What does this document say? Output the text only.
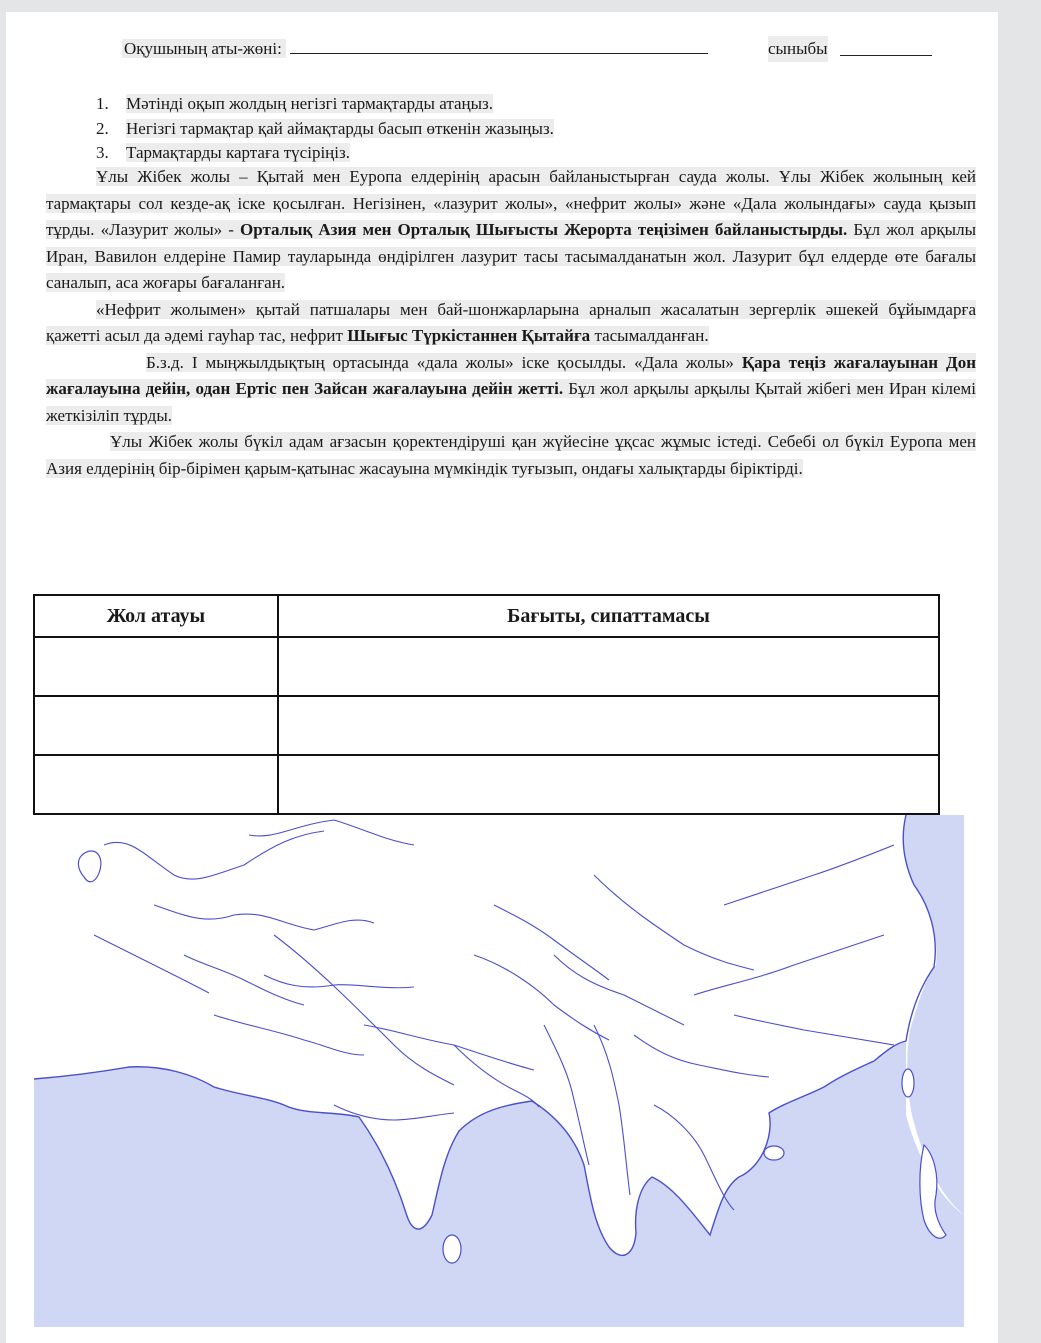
Оқушының аты-жөні:	сыныбы
1. Мәтінді оқып жолдың негізгі тармақтарды атаңыз.
2. Негізгі тармақтар қай аймақтарды басып өткенін жазыңыз.
3. Тармақтарды картаға түсіріңіз.

Ұлы Жібек жолы – Қытай мен Еуропа елдерінің арасын байланыстырған сауда жолы. Ұлы Жібек жолының кей тармақтары сол кезде-ақ іске қосылған. Негізінен, «лазурит жолы», «нефрит жолы» және «Дала жолындағы» сауда қызып тұрды. «Лазурит жолы» - Орталық Азия мен Орталық Шығысты Жерорта теңізімен байланыстырды. Бұл жол арқылы Иран, Вавилон елдеріне Памир тауларында өндірілген лазурит тасы тасымалданатын жол. Лазурит бұл елдерде өте бағалы саналып, аса жоғары бағаланған.

«Нефрит жолымен» қытай патшалары мен бай-шонжарларына арналып жасалатын зергерлік әшекей бұйымдарға қажетті асыл да әдемі гауһар тас, нефрит Шығыс Түркістаннен Қытайға тасымалданған.

Б.з.д. І мыңжылдықтың ортасында «дала жолы» іске қосылды. «Дала жолы» Қара теңіз жағалауынан Дон жағалауына дейін, одан Ертіс пен Зайсан жағалауына дейін жетті. Бұл жол арқылы арқылы Қытай жібегі мен Иран кілемі жеткізіліп тұрды.

Ұлы Жібек жолы бүкіл адам ағзасын қоректендіруші қан жүйесіне ұқсас жұмыс істеді. Себебі ол бүкіл Еуропа мен Азия елдерінің бір-бірімен қарым-қатынас жасауына мүмкіндік туғызып, ондағы халықтарды біріктірді.

Жол атауы	Бағыты, сипаттамасы
